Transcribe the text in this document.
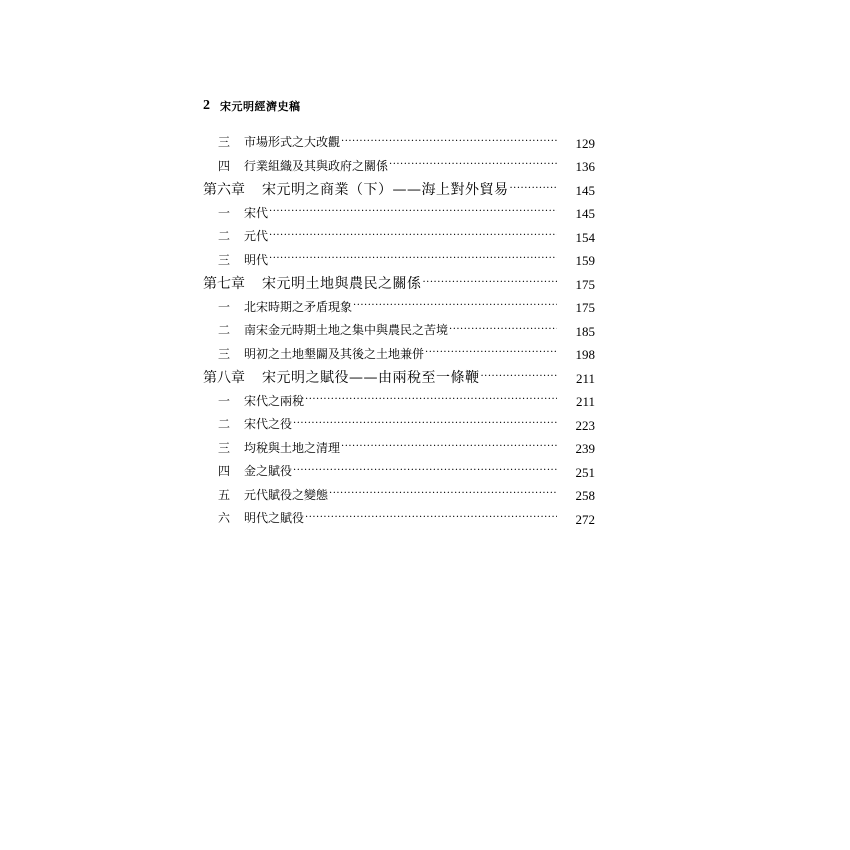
2 宋元明經濟史稿
三	市場形式之大改觀 ·····	129
四	行業組織及其與政府之關係 ·····	136
第六章	宋元明之商業（下）——海上對外貿易 ·····	145
一	宋代 ·····	145
二	元代 ·····	154
三	明代 ·····	159
第七章	宋元明土地與農民之關係 ·····	175
一	北宋時期之矛盾現象 ·····	175
二	南宋金元時期土地之集中與農民之苦境 ·····	185
三	明初之土地墾闢及其後之土地兼併 ·····	198
第八章	宋元明之賦役——由兩稅至一條鞭 ·····	211
一	宋代之兩稅 ·····	211
二	宋代之役 ·····	223
三	均稅與土地之清理 ·····	239
四	金之賦役 ·····	251
五	元代賦役之變態 ·····	258
六	明代之賦役 ·····	272
